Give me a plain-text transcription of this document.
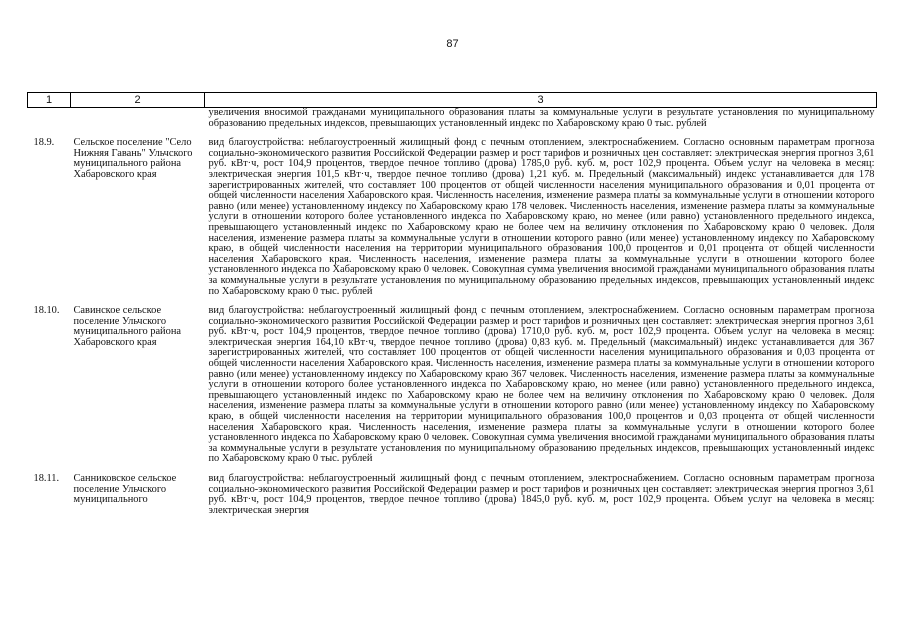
87
1	2	3
		увеличения вносимой гражданами муниципального образования платы за коммунальные услуги в результате установления по муниципальному образованию предельных индексов, превышающих установленный индекс по Хабаровскому краю 0 тыс. рублей
18.9.	Сельское поселение "Село Нижняя Гавань" Ульчского муниципального района Хабаровского края	вид благоустройства: неблагоустроенный жилищный фонд с печным отоплением, электроснабжением. Согласно основным параметрам прогноза социально-экономического развития Российской Федерации размер и рост тарифов и розничных цен составляет: электрическая энергия прогноз 3,61 руб. кВт·ч, рост 104,9 процентов, твердое печное топливо (дрова) 1785,0 руб. куб. м, рост 102,9 процента. Объем услуг на человека в месяц: электрическая энергия 101,5 кВт·ч, твердое печное топливо (дрова) 1,21 куб. м. Предельный (максимальный) индекс устанавливается для 178 зарегистрированных жителей, что составляет 100 процентов от общей численности населения муниципального образования и 0,01 процента от общей численности населения Хабаровского края. Численность населения, изменение размера платы за коммунальные услуги в отношении которого равно (или менее) установленному индексу по Хабаровскому краю 178 человек. Численность населения, изменение размера платы за коммунальные услуги в отношении которого более установленного индекса по Хабаровскому краю, но менее (или равно) установленного предельного индекса, превышающего установленный индекс по Хабаровскому краю не более чем на величину отклонения по Хабаровскому краю 0 человек. Доля населения, изменение размера платы за коммунальные услуги в отношении которого равно (или менее) установленному индексу по Хабаровскому краю, в общей численности населения на территории муниципального образования 100,0 процентов и 0,01 процента от общей численности населения Хабаровского края. Численность населения, изменение размера платы за коммунальные услуги в отношении которого более установленного индекса по Хабаровскому краю 0 человек. Совокупная сумма увеличения вносимой гражданами муниципального образования платы за коммунальные услуги в результате установления по муниципальному образованию предельных индексов, превышающих установленный индекс по Хабаровскому краю 0 тыс. рублей
18.10.	Савинское сельское поселение Ульчского муниципального района Хабаровского края	вид благоустройства: неблагоустроенный жилищный фонд с печным отоплением, электроснабжением. Согласно основным параметрам прогноза социально-экономического развития Российской Федерации размер и рост тарифов и розничных цен составляет: электрическая энергия прогноз 3,61 руб. кВт·ч, рост 104,9 процентов, твердое печное топливо (дрова) 1710,0 руб. куб. м, рост 102,9 процента. Объем услуг на человека в месяц: электрическая энергия 164,10 кВт·ч, твердое печное топливо (дрова) 0,83 куб. м. Предельный (максимальный) индекс устанавливается для 367 зарегистрированных жителей, что составляет 100 процентов от общей численности населения муниципального образования и 0,03 процента от общей численности населения Хабаровского края. Численность населения, изменение размера платы за коммунальные услуги в отношении которого равно (или менее) установленному индексу по Хабаровскому краю 367 человек. Численность населения, изменение размера платы за коммунальные услуги в отношении которого более установленного индекса по Хабаровскому краю, но менее (или равно) установленного предельного индекса, превышающего установленный индекс по Хабаровскому краю не более чем на величину отклонения по Хабаровскому краю 0 человек. Доля населения, изменение размера платы за коммунальные услуги в отношении которого равно (или менее) установленному индексу по Хабаровскому краю, в общей численности населения на территории муниципального образования 100,0 процентов и 0,03 процента от общей численности населения Хабаровского края. Численность населения, изменение размера платы за коммунальные услуги в отношении которого более установленного индекса по Хабаровскому краю 0 человек. Совокупная сумма увеличения вносимой гражданами муниципального образования платы за коммунальные услуги в результате установления по муниципальному образованию предельных индексов, превышающих установленный индекс по Хабаровскому краю 0 тыс. рублей
18.11.	Санниковское сельское поселение Ульчского муниципального	вид благоустройства: неблагоустроенный жилищный фонд с печным отоплением, электроснабжением. Согласно основным параметрам прогноза социально-экономического развития Российской Федерации размер и рост тарифов и розничных цен составляет: электрическая энергия прогноз 3,61 руб. кВт·ч, рост 104,9 процентов, твердое печное топливо (дрова) 1845,0 руб. куб. м, рост 102,9 процента. Объем услуг на человека в месяц: электрическая энергия
